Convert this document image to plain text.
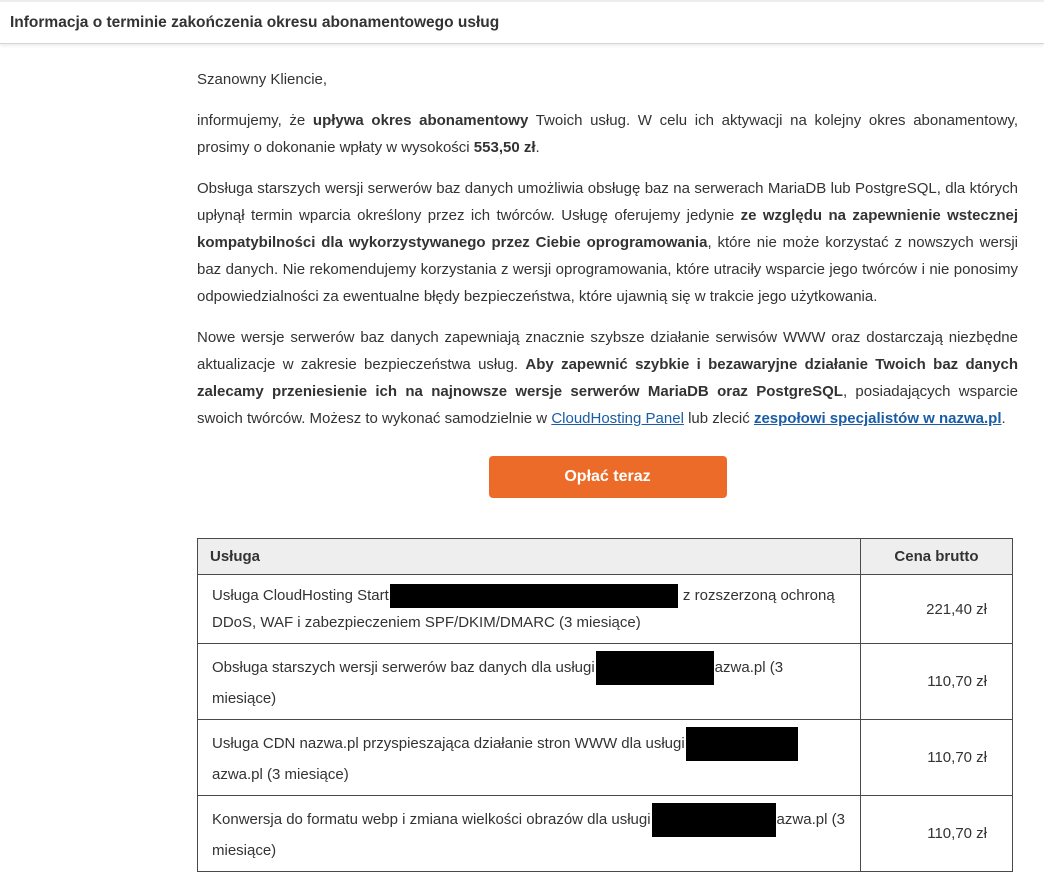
Informacja o terminie zakończenia okresu abonamentowego usług

Szanowny Kliencie,

informujemy, że upływa okres abonamentowy Twoich usług. W celu ich aktywacji na kolejny okres abonamentowy, prosimy o dokonanie wpłaty w wysokości 553,50 zł.

Obsługa starszych wersji serwerów baz danych umożliwia obsługę baz na serwerach MariaDB lub PostgreSQL, dla których upłynął termin wparcia określony przez ich twórców. Usługę oferujemy jedynie ze względu na zapewnienie wstecznej kompatybilności dla wykorzystywanego przez Ciebie oprogramowania, które nie może korzystać z nowszych wersji baz danych. Nie rekomendujemy korzystania z wersji oprogramowania, które utraciły wsparcie jego twórców i nie ponosimy odpowiedzialności za ewentualne błędy bezpieczeństwa, które ujawnią się w trakcie jego użytkowania.

Nowe wersje serwerów baz danych zapewniają znacznie szybsze działanie serwisów WWW oraz dostarczają niezbędne aktualizacje w zakresie bezpieczeństwa usług. Aby zapewnić szybkie i bezawaryjne działanie Twoich baz danych zalecamy przeniesienie ich na najnowsze wersje serwerów MariaDB oraz PostgreSQL, posiadających wsparcie swoich twórców. Możesz to wykonać samodzielnie w CloudHosting Panel lub zlecić zespołowi specjalistów w nazwa.pl.

Opłać teraz
Usługa	Cena brutto
Usługa CloudHosting Start z rozszerzoną ochroną DDoS, WAF i zabezpieczeniem SPF/DKIM/DMARC (3 miesiące)	221,40 zł
Obsługa starszych wersji serwerów baz danych dla usługi azwa.pl (3 miesiące)	110,70 zł
Usługa CDN nazwa.pl przyspieszająca działanie stron WWW dla usługiazwa.pl (3 miesiące)	110,70 zł
Konwersja do formatu webp i zmiana wielkości obrazów dla usługi azwa.pl (3 miesiące)	110,70 zł
